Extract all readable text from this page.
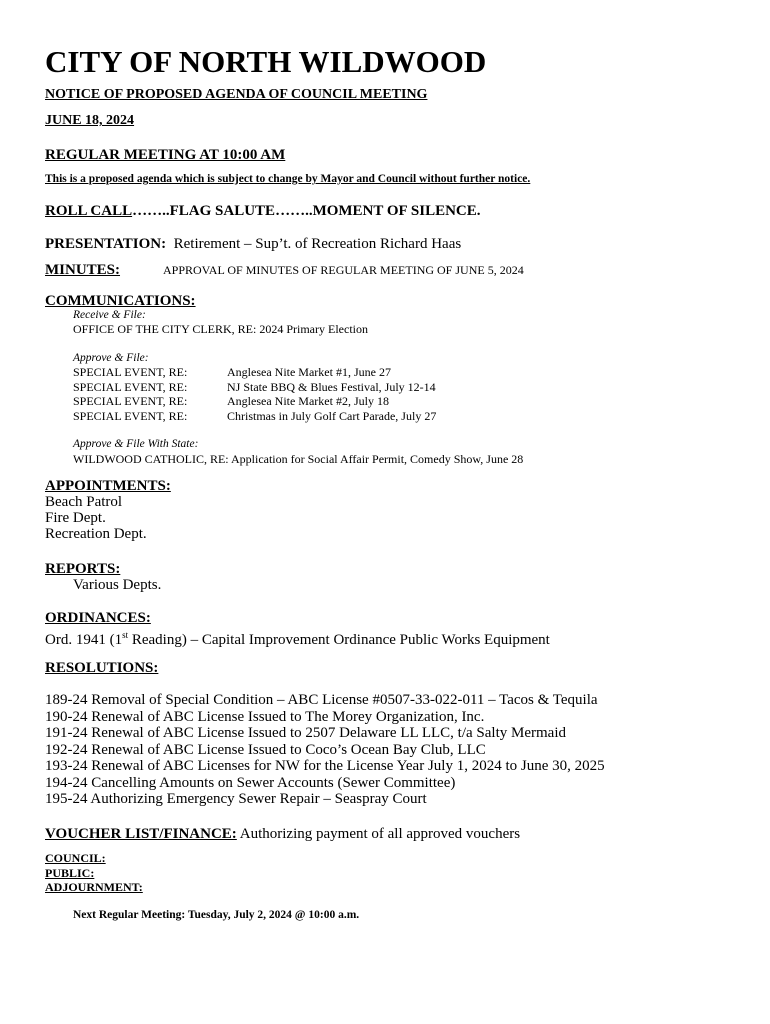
CITY OF NORTH WILDWOOD
NOTICE OF PROPOSED AGENDA OF COUNCIL MEETING
JUNE 18, 2024
REGULAR MEETING AT 10:00 AM
This is a proposed agenda which is subject to change by Mayor and Council without further notice.
ROLL CALL……..FLAG SALUTE……..MOMENT OF SILENCE.
PRESENTATION: Retirement – Sup’t. of Recreation Richard Haas
MINUTES:	APPROVAL OF MINUTES OF REGULAR MEETING OF JUNE 5, 2024
COMMUNICATIONS:
Receive & File:
OFFICE OF THE CITY CLERK, RE: 2024 Primary Election
Approve & File:
SPECIAL EVENT, RE:	Anglesea Nite Market #1, June 27
SPECIAL EVENT, RE:	NJ State BBQ & Blues Festival, July 12-14
SPECIAL EVENT, RE:	Anglesea Nite Market #2, July 18
SPECIAL EVENT, RE:	Christmas in July Golf Cart Parade, July 27
Approve & File With State:
WILDWOOD CATHOLIC, RE: Application for Social Affair Permit, Comedy Show, June 28
APPOINTMENTS:
Beach Patrol
Fire Dept.
Recreation Dept.
REPORTS:
Various Depts.
ORDINANCES:
Ord. 1941 (1st Reading) – Capital Improvement Ordinance Public Works Equipment
RESOLUTIONS:
189-24 Removal of Special Condition – ABC License #0507-33-022-011 – Tacos & Tequila
190-24 Renewal of ABC License Issued to The Morey Organization, Inc.
191-24 Renewal of ABC License Issued to 2507 Delaware LL LLC, t/a Salty Mermaid
192-24 Renewal of ABC License Issued to Coco’s Ocean Bay Club, LLC
193-24 Renewal of ABC Licenses for NW for the License Year July 1, 2024 to June 30, 2025
194-24 Cancelling Amounts on Sewer Accounts (Sewer Committee)
195-24 Authorizing Emergency Sewer Repair – Seaspray Court
VOUCHER LIST/FINANCE: Authorizing payment of all approved vouchers
COUNCIL:
PUBLIC:
ADJOURNMENT:
Next Regular Meeting: Tuesday, July 2, 2024 @ 10:00 a.m.
